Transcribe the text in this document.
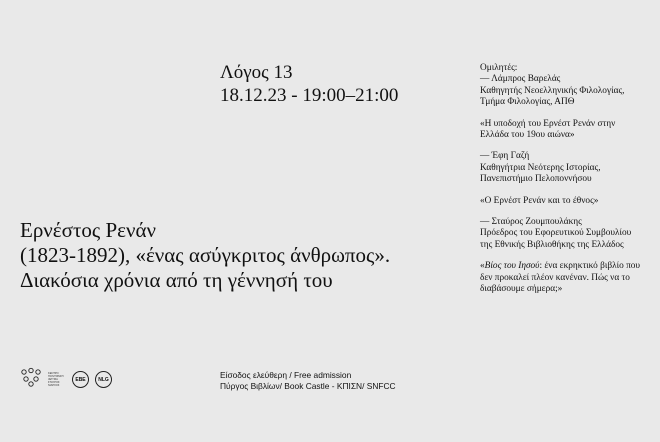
Λόγος 13
18.12.23 - 19:00–21:00
Ερνέστος Ρενάν
(1823-1892), «ένας ασύγκριτος άνθρωπος».
Διακόσια χρόνια από τη γέννησή του
Ομιλητές:
— Λάμπρος Βαρελάς
Καθηγητής Νεοελληνικής Φιλολογίας,
Τμήμα Φιλολογίας, ΑΠΘ
«Η υποδοχή του Ερνέστ Ρενάν στην
Ελλάδα του 19ου αιώνα»
— Έφη Γαζή
Καθηγήτρια Νεότερης Ιστορίας,
Πανεπιστήμιο Πελοποννήσου
«Ο Ερνέστ Ρενάν και το έθνος»
— Σταύρος Ζουμπουλάκης
Πρόεδρος του Εφορευτικού Συμβουλίου
της Εθνικής Βιβλιοθήκης της Ελλάδος
«Βίος του Ιησού: ένα εκρηκτικό βιβλίο που
δεν προκαλεί πλέον κανέναν. Πώς να το
διαβάσουμε σήμερα;»
ΚΕΝΤΡΟ ΠΟΛΙΤΙΣΜΟΥ ΙΔΡΥΜΑ ΣΤΑΥΡΟΣ ΝΙΑΡΧΟΣ
ΕΒΕ	NLG	Είσοδος ελεύθερη / Free admission
Πύργος Βιβλίων/ Book Castle - ΚΠΙΣΝ/ SNFCC
